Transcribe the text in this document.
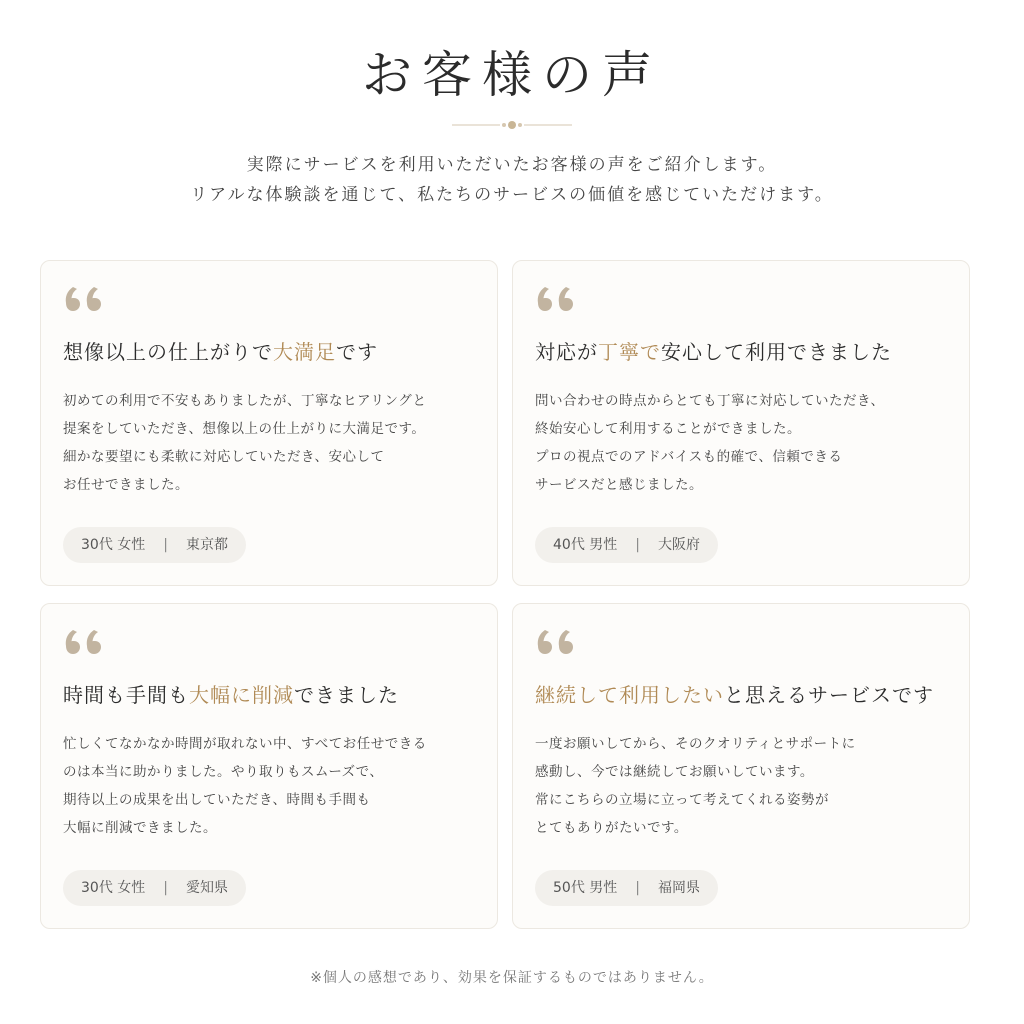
お客様の声
実際にサービスを利用いただいたお客様の声をご紹介します。
リアルな体験談を通じて、私たちのサービスの価値を感じていただけます。
想像以上の仕上がりで大満足です
初めての利用で不安もありましたが、丁寧なヒアリングと
提案をしていただき、想像以上の仕上がりに大満足です。
細かな要望にも柔軟に対応していただき、安心して
お任せできました。
30代 女性 | 東京都
対応が丁寧で安心して利用できました
問い合わせの時点からとても丁寧に対応していただき、
終始安心して利用することができました。
プロの視点でのアドバイスも的確で、信頼できる
サービスだと感じました。
40代 男性 | 大阪府
時間も手間も大幅に削減できました
忙しくてなかなか時間が取れない中、すべてお任せできる
のは本当に助かりました。やり取りもスムーズで、
期待以上の成果を出していただき、時間も手間も
大幅に削減できました。
30代 女性 | 愛知県
継続して利用したいと思えるサービスです
一度お願いしてから、そのクオリティとサポートに
感動し、今では継続してお願いしています。
常にこちらの立場に立って考えてくれる姿勢が
とてもありがたいです。
50代 男性 | 福岡県
※個人の感想であり、効果を保証するものではありません。
